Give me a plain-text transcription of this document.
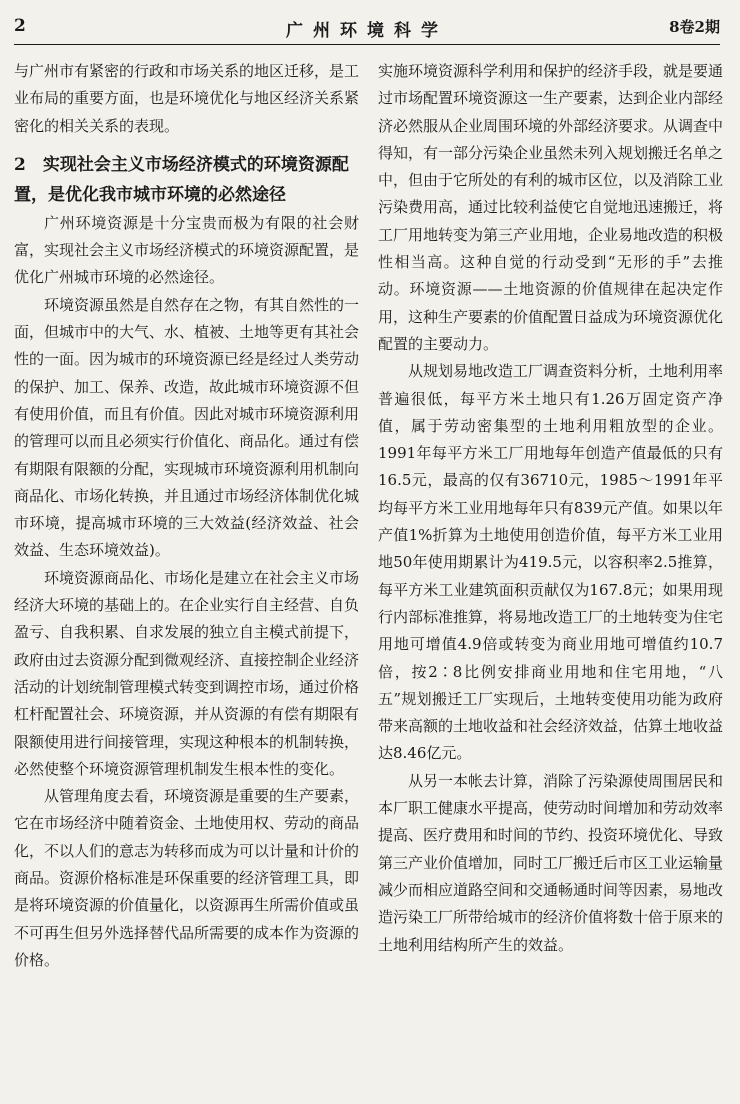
2	广州环境科学	8卷2期

与广州市有紧密的行政和市场关系的地区迁移，是工业布局的重要方面，也是环境优化与地区经济关系紧密化的相关关系的表现。

2　实现社会主义市场经济模式的环境资源配置，是优化我市城市环境的必然途径

广州环境资源是十分宝贵而极为有限的社会财富，实现社会主义市场经济模式的环境资源配置，是优化广州城市环境的必然途径。

环境资源虽然是自然存在之物，有其自然性的一面，但城市中的大气、水、植被、土地等更有其社会性的一面。因为城市的环境资源已经是经过人类劳动的保护、加工、保养、改造，故此城市环境资源不但有使用价值，而且有价值。因此对城市环境资源利用的管理可以而且必须实行价值化、商品化。通过有偿有期限有限额的分配，实现城市环境资源利用机制向商品化、市场化转换，并且通过市场经济体制优化城市环境，提高城市环境的三大效益(经济效益、社会效益、生态环境效益)。

环境资源商品化、市场化是建立在社会主义市场经济大环境的基础上的。在企业实行自主经营、自负盈亏、自我积累、自求发展的独立自主模式前提下，政府由过去资源分配到微观经济、直接控制企业经济活动的计划统制管理模式转变到调控市场，通过价格杠杆配置社会、环境资源，并从资源的有偿有期限有限额使用进行间接管理，实现这种根本的机制转换，必然使整个环境资源管理机制发生根本性的变化。

从管理角度去看，环境资源是重要的生产要素，它在市场经济中随着资金、土地使用权、劳动的商品化，不以人们的意志为转移而成为可以计量和计价的商品。资源价格标准是环保重要的经济管理工具，即是将环境资源的价值量化，以资源再生所需价值或虽不可再生但另外选择替代品所需要的成本作为资源的价格。

实施环境资源科学利用和保护的经济手段，就是要通过市场配置环境资源这一生产要素，达到企业内部经济必然服从企业周围环境的外部经济要求。从调查中得知，有一部分污染企业虽然未列入规划搬迁名单之中，但由于它所处的有利的城市区位，以及消除工业污染费用高，通过比较利益使它自觉地迅速搬迁，将工厂用地转变为第三产业用地，企业易地改造的积极性相当高。这种自觉的行动受到“无形的手”去推动。环境资源——土地资源的价值规律在起决定作用，这种生产要素的价值配置日益成为环境资源优化配置的主要动力。

从规划易地改造工厂调查资料分析，土地利用率普遍很低，每平方米土地只有1.26万固定资产净值，属于劳动密集型的土地利用粗放型的企业。1991年每平方米工厂用地每年创造产值最低的只有16.5元，最高的仅有36710元，1985～1991年平均每平方米工业用地每年只有839元产值。如果以年产值1%折算为土地使用创造价值，每平方米工业用地50年使用期累计为419.5元，以容积率2.5推算，每平方米工业建筑面积贡献仅为167.8元；如果用现行内部标准推算，将易地改造工厂的土地转变为住宅用地可增值4.9倍或转变为商业用地可增值约10.7倍，按2∶8比例安排商业用地和住宅用地，“八五”规划搬迁工厂实现后，土地转变使用功能为政府带来高额的土地收益和社会经济效益，估算土地收益达8.46亿元。

从另一本帐去计算，消除了污染源使周围居民和本厂职工健康水平提高，使劳动时间增加和劳动效率提高、医疗费用和时间的节约、投资环境优化、导致第三产业价值增加，同时工厂搬迁后市区工业运输量减少而相应道路空间和交通畅通时间等因素，易地改造污染工厂所带给城市的经济价值将数十倍于原来的土地利用结构所产生的效益。
